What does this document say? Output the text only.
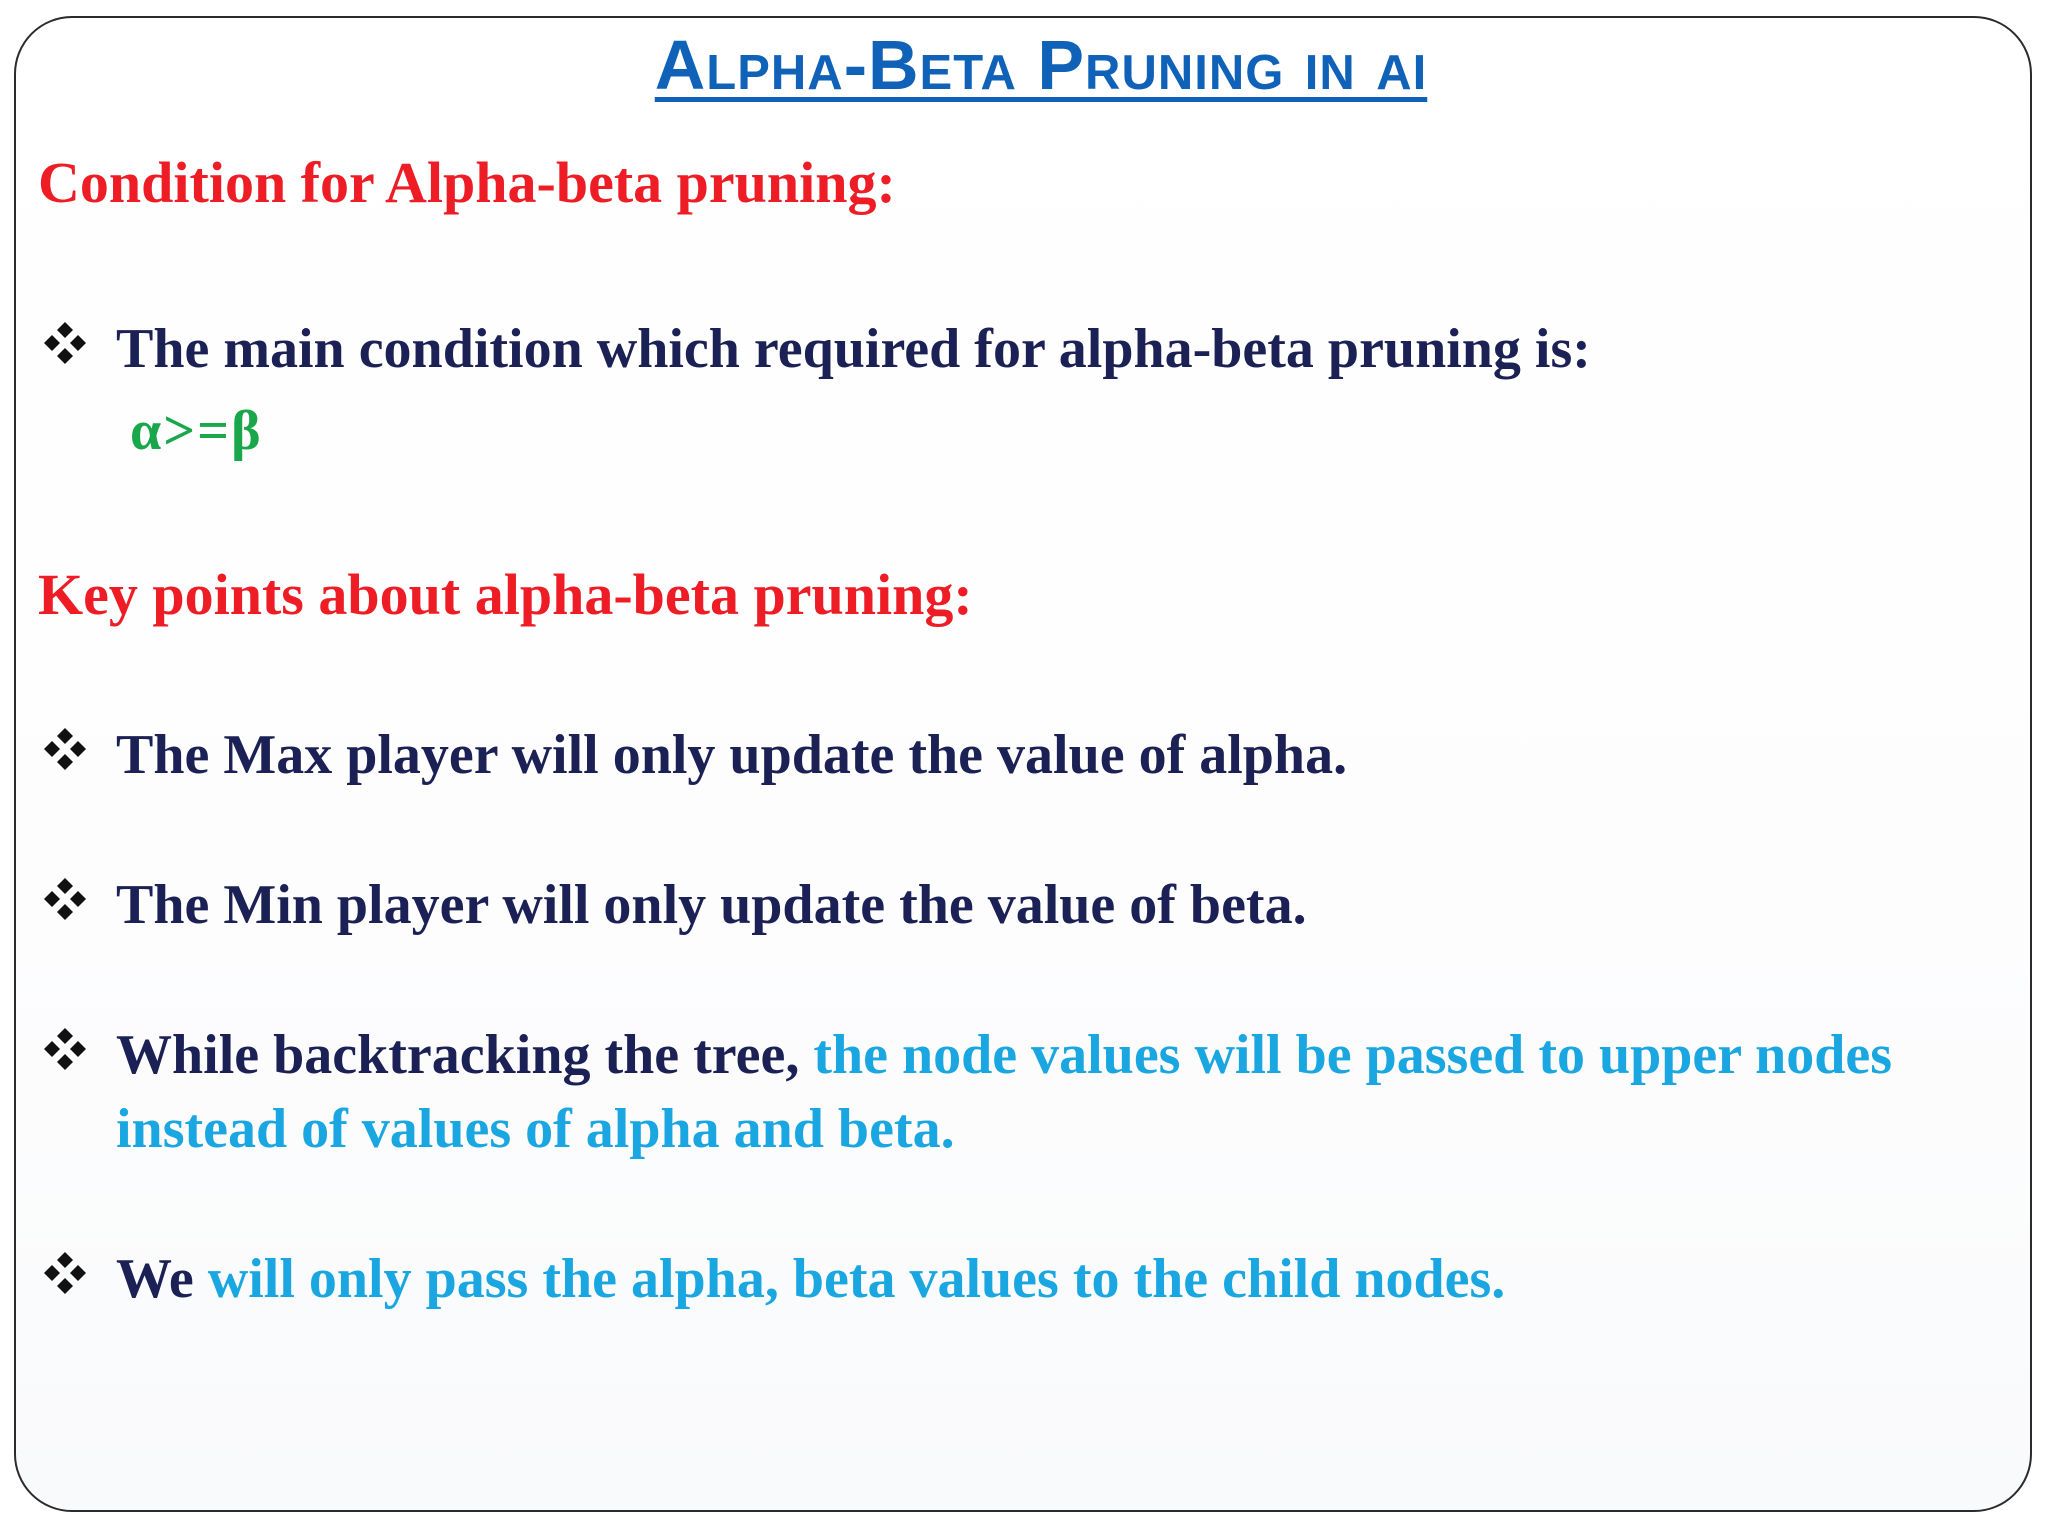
Alpha-Beta Pruning in ai
Condition for Alpha-beta pruning:
The main condition which required for alpha-beta pruning is:
α>=β
Key points about alpha-beta pruning:
The Max player will only update the value of alpha.
The Min player will only update the value of beta.
While backtracking the tree, the node values will be passed to upper nodes
instead of values of alpha and beta.
We will only pass the alpha, beta values to the child nodes.
